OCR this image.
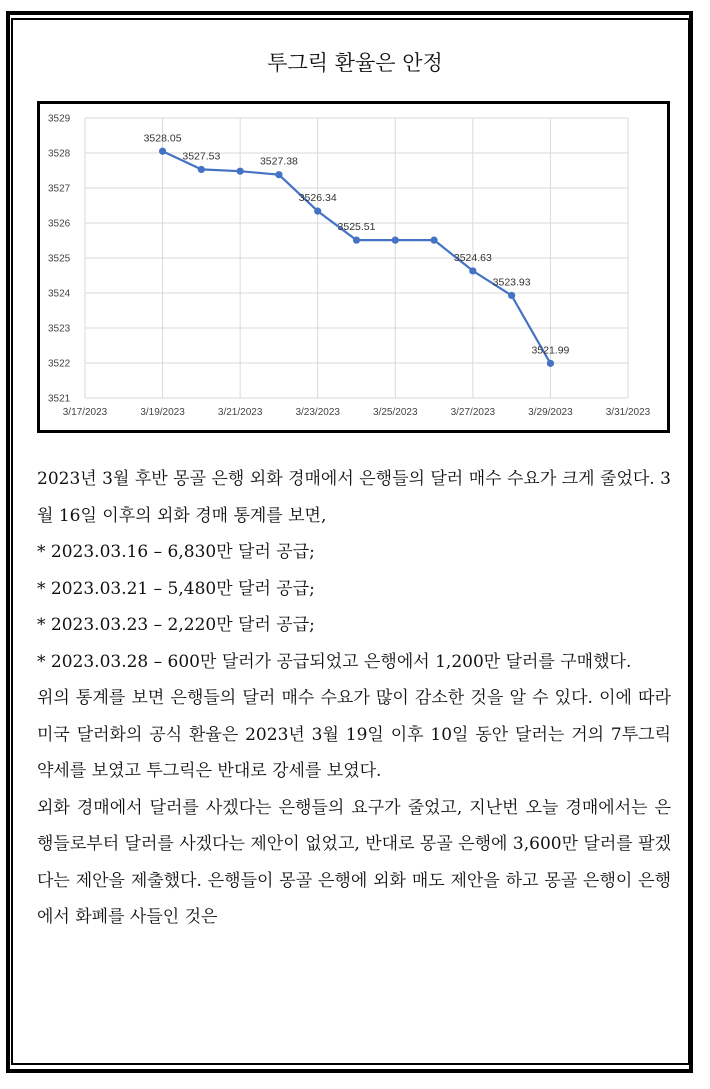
투그릭 환율은 안정
3529
3528
3527
3526
3525
3524
3523
3522
3521
3/17/2023	3/19/2023	3/21/2023	3/23/2023	3/25/2023	3/27/2023	3/29/2023	3/31/2023
3528.05
3527.53	3527.38
3526.34
3525.51
3524.63
3523.93
3521.99

2023년 3월 후반 몽골 은행 외화 경매에서 은행들의 달러 매수 수요가 크게 줄었다. 3월 16일 이후의 외화 경매 통계를 보면,

* 2023.03.16 – 6,830만 달러 공급;

* 2023.03.21 – 5,480만 달러 공급;

* 2023.03.23 – 2,220만 달러 공급;

* 2023.03.28 – 600만 달러가 공급되었고 은행에서 1,200만 달러를 구매했다.

위의 통계를 보면 은행들의 달러 매수 수요가 많이 감소한 것을 알 수 있다. 이에 따라 미국 달러화의 공식 환율은 2023년 3월 19일 이후 10일 동안 달러는 거의 7투그릭 약세를 보였고 투그릭은 반대로 강세를 보였다.

외화 경매에서 달러를 사겠다는 은행들의 요구가 줄었고, 지난번 오늘 경매에서는 은행들로부터 달러를 사겠다는 제안이 없었고, 반대로 몽골 은행에 3,600만 달러를 팔겠다는 제안을 제출했다. 은행들이 몽골 은행에 외화 매도 제안을 하고 몽골 은행이 은행에서 화폐를 사들인 것은
